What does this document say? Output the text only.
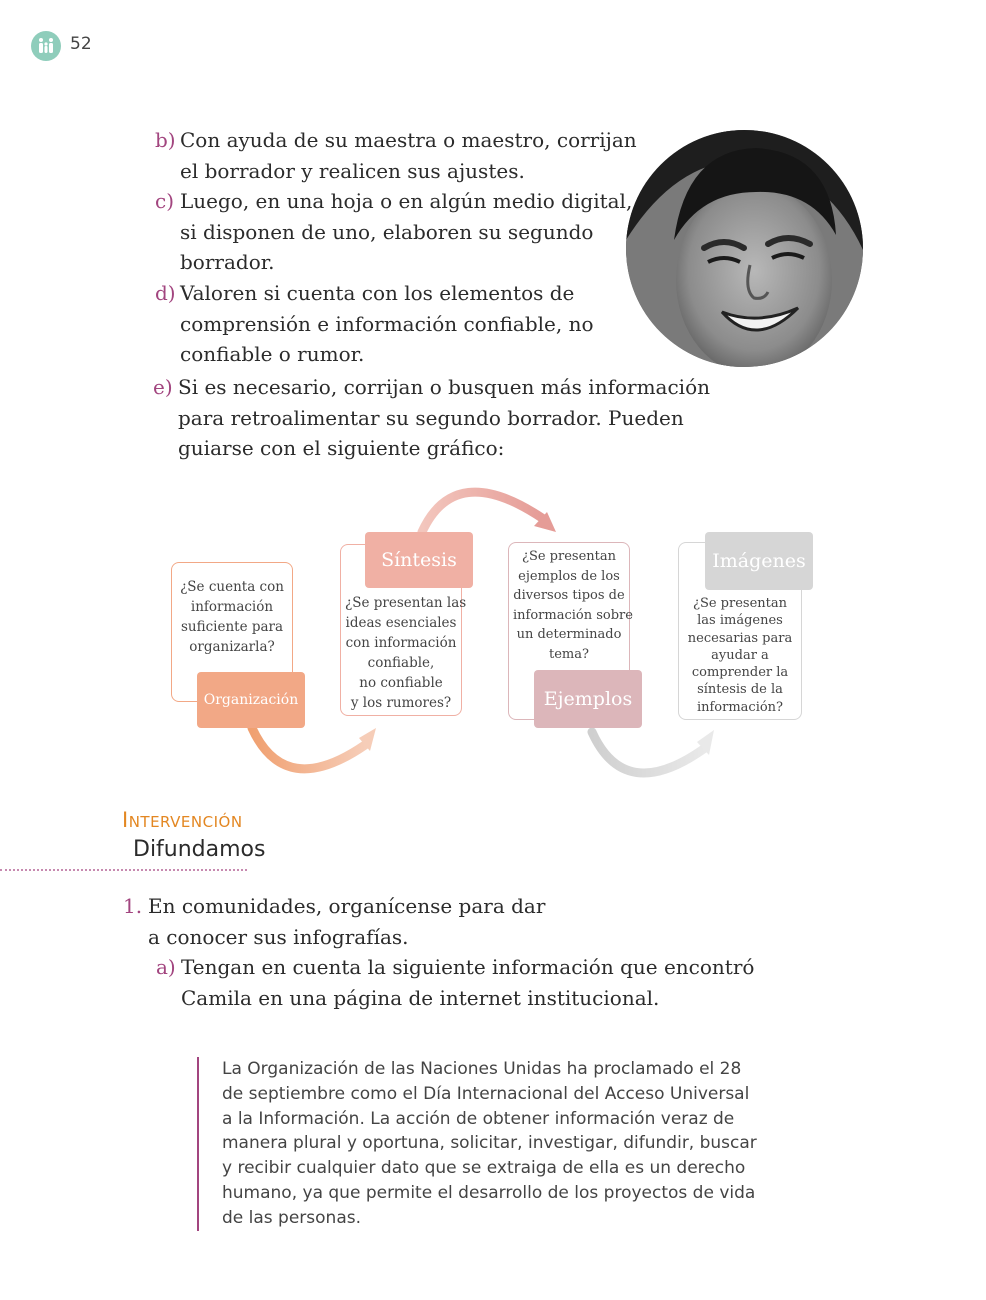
52
b) Con ayuda de su maestra o maestro, corrijan
el borrador y realicen sus ajustes.
c) Luego, en una hoja o en algún medio digital,
si disponen de uno, elaboren su segundo
borrador.
d) Valoren si cuenta con los elementos de
comprensión e información confiable, no
confiable o rumor.
e) Si es necesario, corrijan o busquen más información
para retroalimentar su segundo borrador. Pueden
guiarse con el siguiente gráfico:
¿Se cuenta con
información
suficiente para
organizarla?
Organización
¿Se presentan las
ideas esenciales
con información
confiable,
no confiable
y los rumores?
Síntesis	¿Se presentan
ejemplos de los
diversos tipos de
información sobre
un determinado
tema?
Ejemplos
¿Se presentan
las imágenes
necesarias para
ayudar a
comprender la
síntesis de la
información?
Imágenes
Intervención
Difundamos
1. En comunidades, organícense para dar
a conocer sus infografías.
a) Tengan en cuenta la siguiente información que encontró
Camila en una página de internet institucional.
La Organización de las Naciones Unidas ha proclamado el 28
de septiembre como el Día Internacional del Acceso Universal
a la Información. La acción de obtener información veraz de
manera plural y oportuna, solicitar, investigar, difundir, buscar
y recibir cualquier dato que se extraiga de ella es un derecho
humano, ya que permite el desarrollo de los proyectos de vida
de las personas.
